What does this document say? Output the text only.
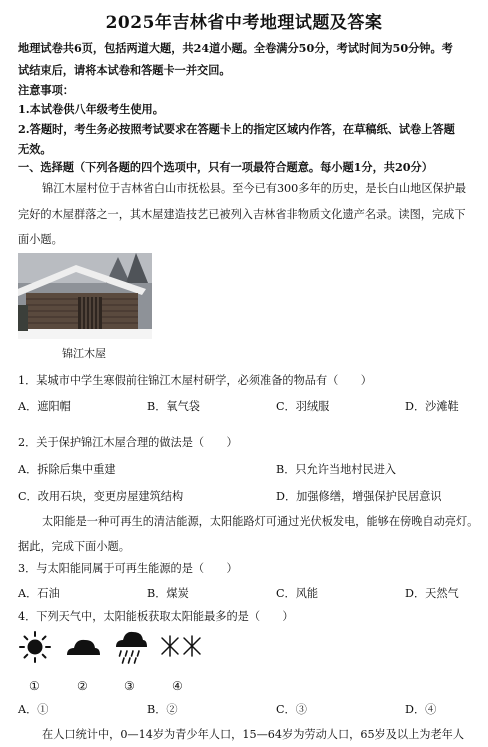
2025年吉林省中考地理试题及答案
地理试卷共6页，包括两道大题，共24道小题。全卷满分50分，考试时间为50分钟。考
试结束后，请将本试卷和答题卡一并交回。
注意事项：
1.本试卷供八年级考生使用。
2.答题时，考生务必按照考试要求在答题卡上的指定区域内作答，在草稿纸、试卷上答题
无效。
一、选择题（下列各题的四个选项中，只有一项最符合题意。每小题1分，共20分）
锦江木屋村位于吉林省白山市抚松县。至今已有300多年的历史，是长白山地区保护最
完好的木屋群落之一，其木屋建造技艺已被列入吉林省非物质文化遗产名录。读图，完成下
面小题。
锦江木屋
1．某城市中学生寒假前往锦江木屋村研学，必须准备的物品有（　　）
A．遮阳帽	B．氧气袋	C．羽绒服	D．沙滩鞋
2．关于保护锦江木屋合理的做法是（　　）
A．拆除后集中重建	B．只允许当地村民进入
C．改用石块，变更房屋建筑结构	D．加强修缮，增强保护民居意识
太阳能是一种可再生的清洁能源，太阳能路灯可通过光伏板发电，能够在傍晚自动亮灯。
据此，完成下面小题。
3．与太阳能同属于可再生能源的是（　　）
A．石油	B．煤炭	C．风能	D．天然气
4．下列天气中，太阳能板获取太阳能最多的是（　　）
①	②	③	④
A．①	B．②	C．③	D．④
在人口统计中，0—14岁为青少年人口，15—64岁为劳动人口，65岁及以上为老年人
